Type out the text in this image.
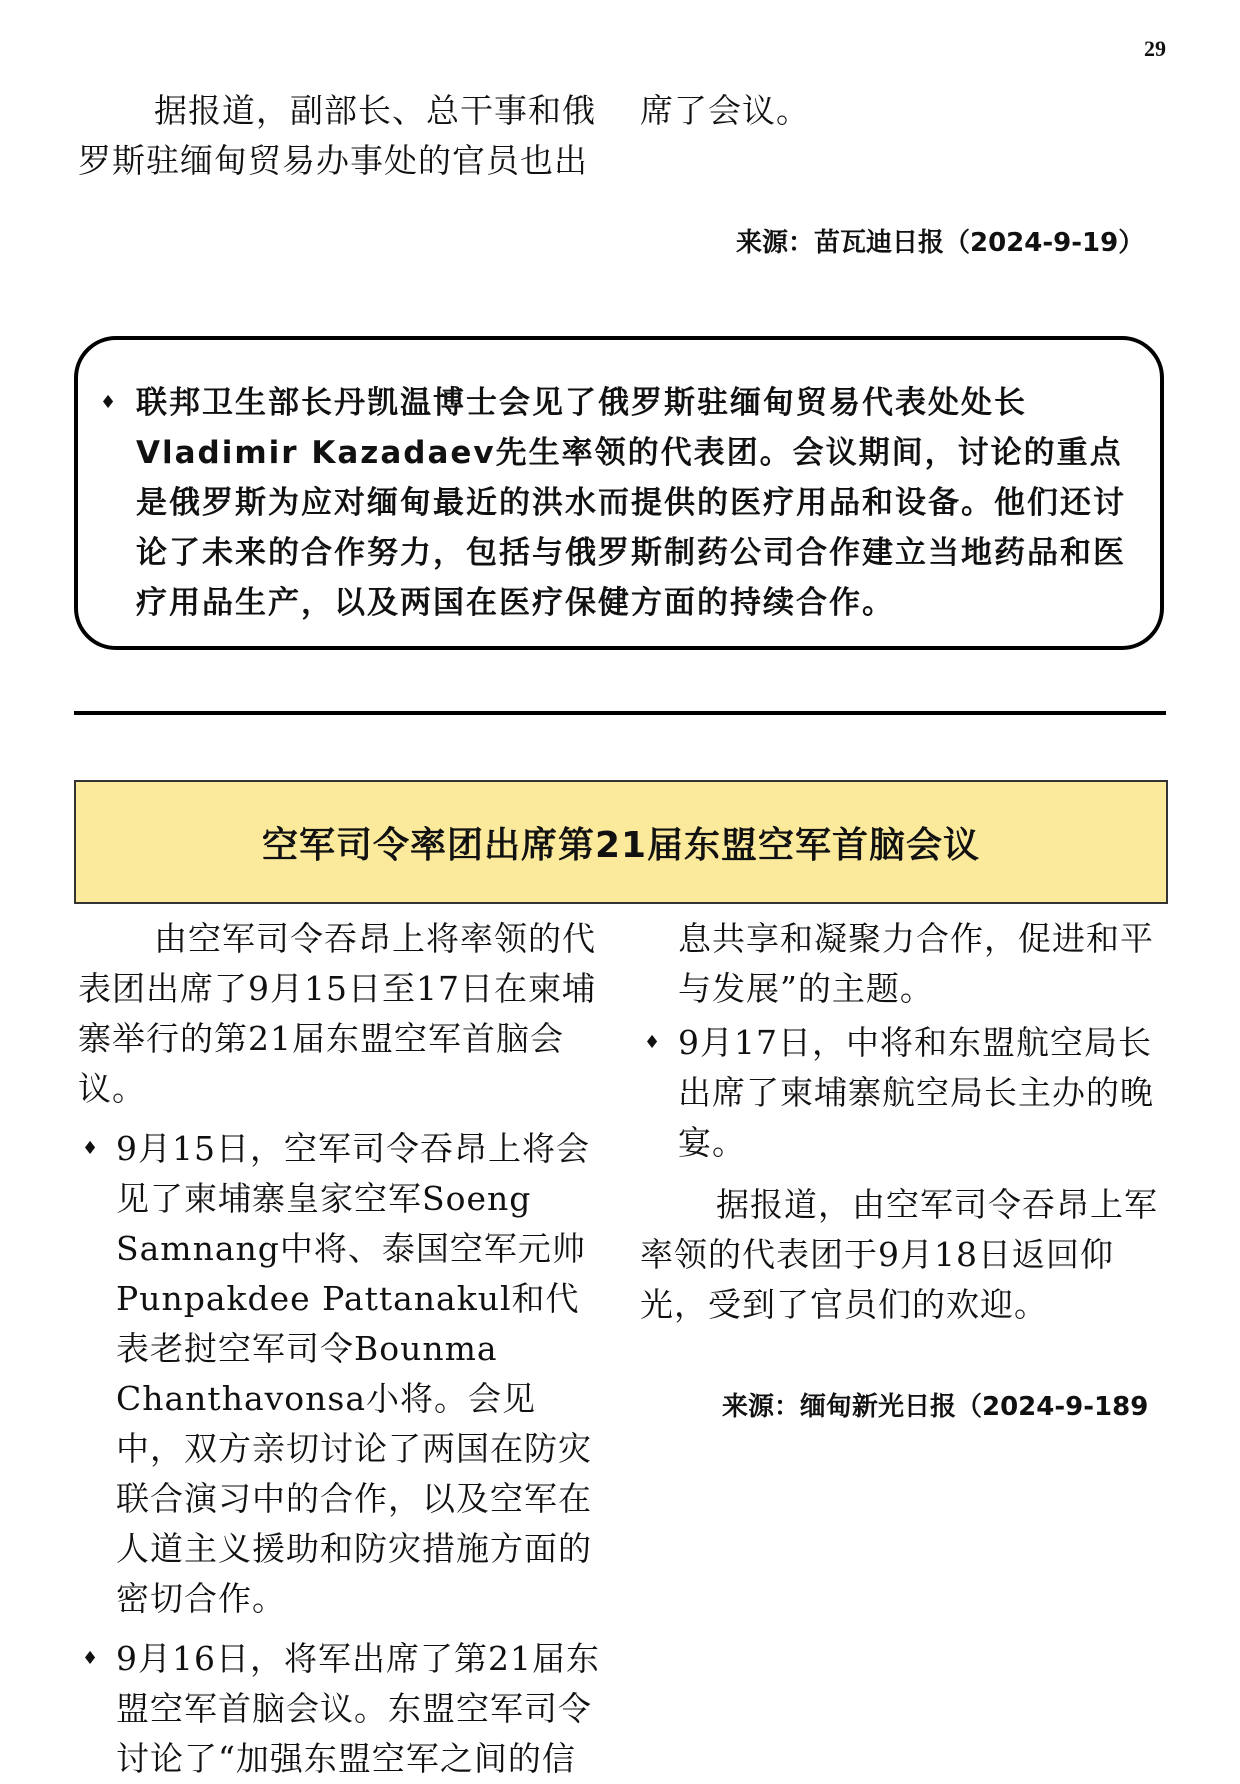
29

据报道，副部长、总干事和俄罗斯驻缅甸贸易办事处的官员也出

席了会议。

来源：苗瓦迪日报（2024-9-19）
♦ 联邦卫生部长丹凯温博士会见了俄罗斯驻缅甸贸易代表处处长Vladimir Kazadaev先生率领的代表团。会议期间，讨论的重点是俄罗斯为应对缅甸最近的洪水而提供的医疗用品和设备。他们还讨论了未来的合作努力，包括与俄罗斯制药公司合作建立当地药品和医疗用品生产，以及两国在医疗保健方面的持续合作。
空军司令率团出席第21届东盟空军首脑会议

由空军司令吞昂上将率领的代表团出席了9月15日至17日在柬埔寨举行的第21届东盟空军首脑会议。

♦ 9月15日，空军司令吞昂上将会见了柬埔寨皇家空军Soeng Samnang中将、泰国空军元帅Punpakdee Pattanakul和代表老挝空军司令Bounma Chanthavonsa小将。会见中，双方亲切讨论了两国在防灾联合演习中的合作，以及空军在人道主义援助和防灾措施方面的密切合作。

♦ 9月16日，将军出席了第21届东盟空军首脑会议。东盟空军司令讨论了“加强东盟空军之间的信

息共享和凝聚力合作，促进和平与发展”的主题。

♦ 9月17日，中将和东盟航空局长出席了柬埔寨航空局长主办的晚宴。

据报道，由空军司令吞昂上军率领的代表团于9月18日返回仰光，受到了官员们的欢迎。

来源：缅甸新光日报（2024-9-189
